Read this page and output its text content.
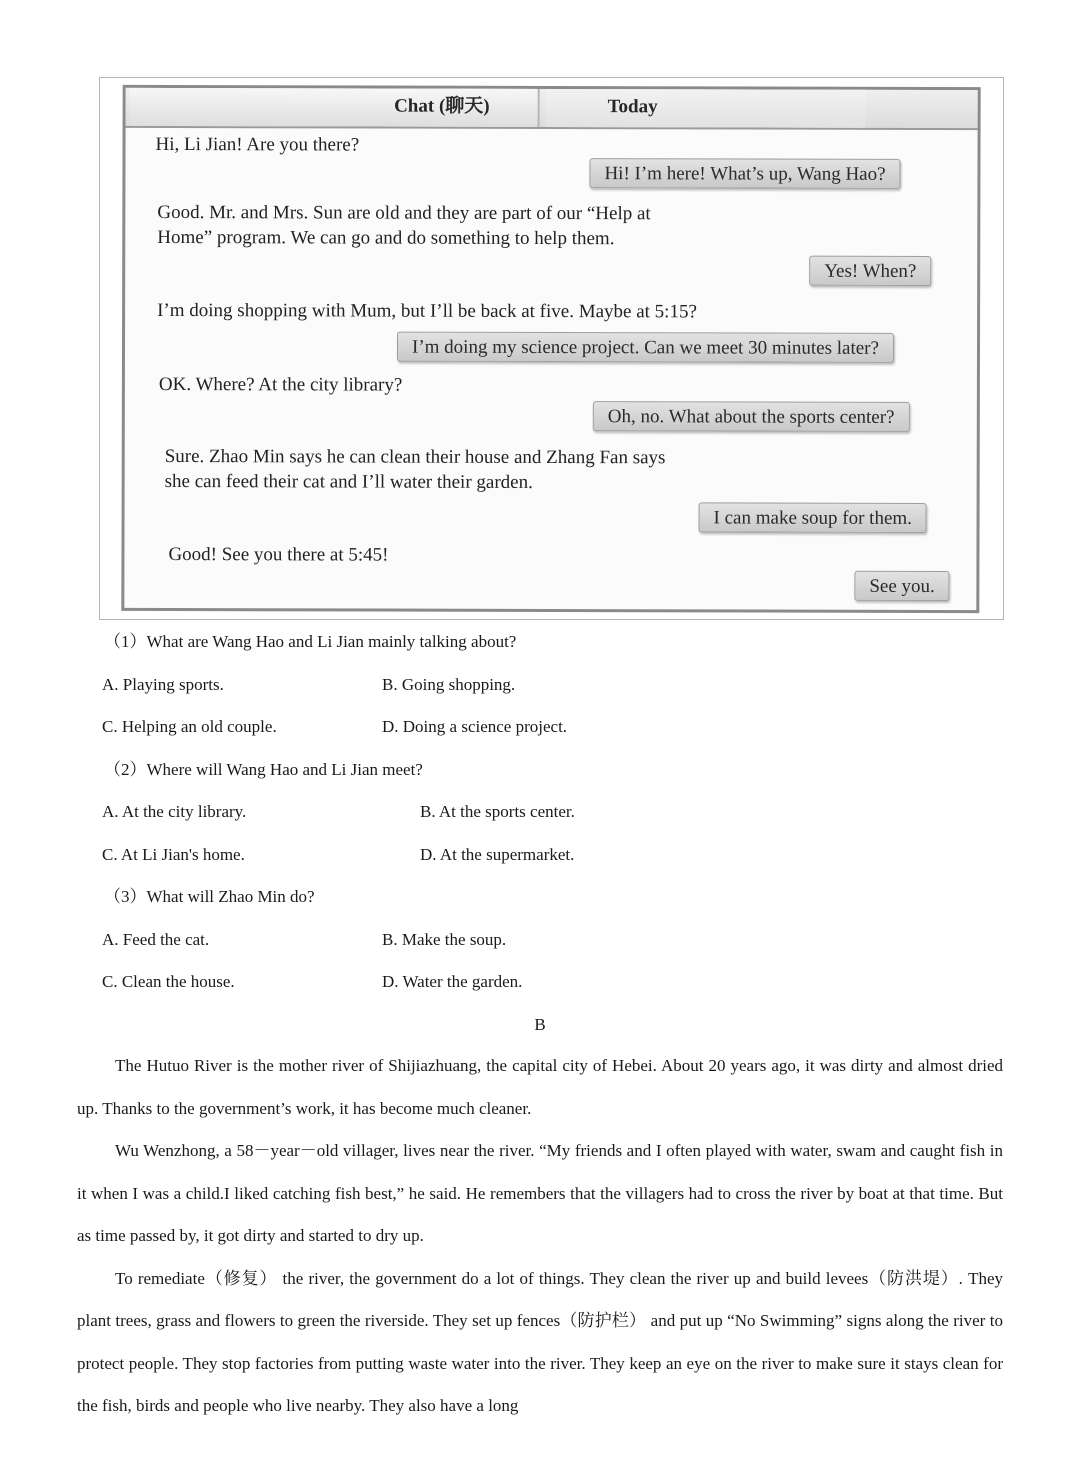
Chat (聊天)	Today
Hi, Li Jian! Are you there?
Hi! I’m here! What’s up, Wang Hao?
Good. Mr. and Mrs. Sun are old and they are part of our “Help at
Home” program. We can go and do something to help them.
Yes! When?
I’m doing shopping with Mum, but I’ll be back at five. Maybe at 5:15?
I’m doing my science project. Can we meet 30 minutes later?
OK. Where? At the city library?
Oh, no. What about the sports center?
Sure. Zhao Min says he can clean their house and Zhang Fan says
she can feed their cat and I’ll water their garden.
I can make soup for them.
Good! See you there at 5:45!
See you.
（1）What are Wang Hao and Li Jian mainly talking about?
A. Playing sports.	B. Going shopping.
C. Helping an old couple.	D. Doing a science project.
（2）Where will Wang Hao and Li Jian meet?
A. At the city library.	B. At the sports center.
C. At Li Jian's home.	D. At the supermarket.
（3）What will Zhao Min do?
A. Feed the cat.	B. Make the soup.
C. Clean the house.	D. Water the garden.
B

The Hutuo River is the mother river of Shijiazhuang, the capital city of Hebei. About 20 years ago, it was dirty and almost dried up. Thanks to the government’s work, it has become much cleaner.

Wu Wenzhong, a 58－year－old villager, lives near the river. “My friends and I often played with water, swam and caught fish in it when I was a child.I liked catching fish best,” he said. He remembers that the villagers had to cross the river by boat at that time. But as time passed by, it got dirty and started to dry up.

To remediate（修复） the river, the government do a lot of things. They clean the river up and build levees（防洪堤）. They plant trees, grass and flowers to green the riverside. They set up fences（防护栏） and put up “No Swimming” signs along the river to protect people. They stop factories from putting waste water into the river. They keep an eye on the river to make sure it stays clean for the fish, birds and people who live nearby. They also have a long
